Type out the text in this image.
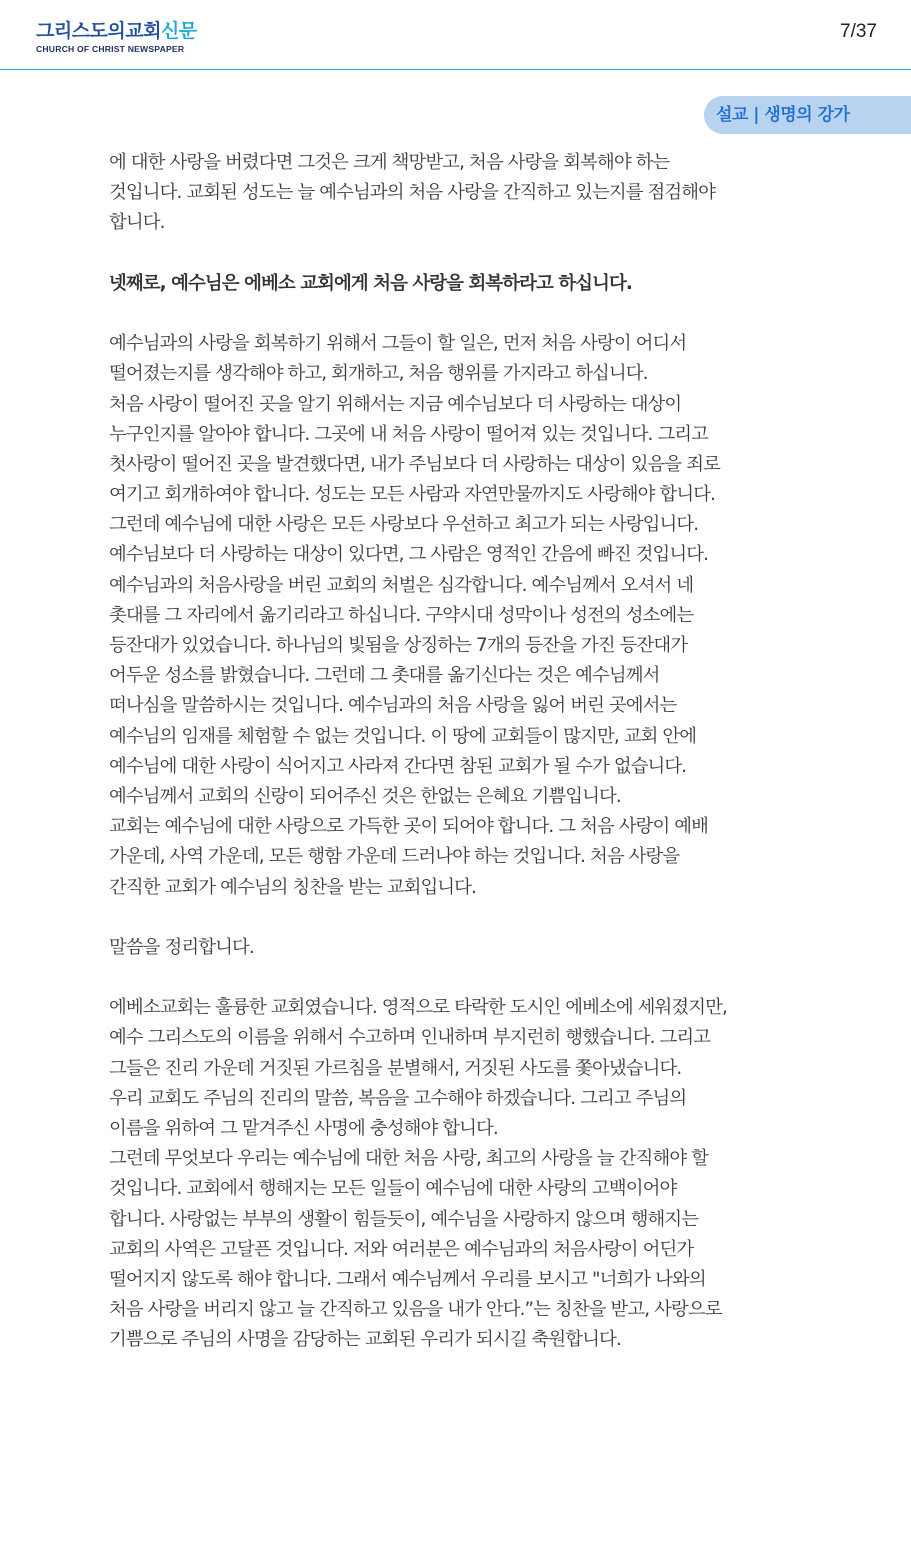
그리스도의교회신문
CHURCH OF CHRIST NEWSPAPER
7/37
설교 | 생명의 강가
에 대한 사랑을 버렸다면 그것은 크게 책망받고, 처음 사랑을 회복해야 하는
것입니다. 교회된 성도는 늘 예수님과의 처음 사랑을 간직하고 있는지를 점검해야
합니다.
넷째로, 예수님은 에베소 교회에게 처음 사랑을 회복하라고 하십니다.
예수님과의 사랑을 회복하기 위해서 그들이 할 일은, 먼저 처음 사랑이 어디서
떨어졌는지를 생각해야 하고, 회개하고, 처음 행위를 가지라고 하십니다.
처음 사랑이 떨어진 곳을 알기 위해서는 지금 예수님보다 더 사랑하는 대상이
누구인지를 알아야 합니다. 그곳에 내 처음 사랑이 떨어져 있는 것입니다. 그리고
첫사랑이 떨어진 곳을 발견했다면, 내가 주님보다 더 사랑하는 대상이 있음을 죄로
여기고 회개하여야 합니다. 성도는 모든 사람과 자연만물까지도 사랑해야 합니다.
그런데 예수님에 대한 사랑은 모든 사랑보다 우선하고 최고가 되는 사랑입니다.
예수님보다 더 사랑하는 대상이 있다면, 그 사람은 영적인 간음에 빠진 것입니다.
예수님과의 처음사랑을 버린 교회의 처벌은 심각합니다. 예수님께서 오셔서 네
촛대를 그 자리에서 옮기리라고 하십니다. 구약시대 성막이나 성전의 성소에는
등잔대가 있었습니다. 하나님의 빛됨을 상징하는 7개의 등잔을 가진 등잔대가
어두운 성소를 밝혔습니다. 그런데 그 촛대를 옮기신다는 것은 예수님께서
떠나심을 말씀하시는 것입니다. 예수님과의 처음 사랑을 잃어 버린 곳에서는
예수님의 임재를 체험할 수 없는 것입니다. 이 땅에 교회들이 많지만, 교회 안에
예수님에 대한 사랑이 식어지고 사라져 간다면 참된 교회가 될 수가 없습니다.
예수님께서 교회의 신랑이 되어주신 것은 한없는 은혜요 기쁨입니다.
교회는 예수님에 대한 사랑으로 가득한 곳이 되어야 합니다. 그 처음 사랑이 예배
가운데, 사역 가운데, 모든 행함 가운데 드러나야 하는 것입니다. 처음 사랑을
간직한 교회가 예수님의 칭찬을 받는 교회입니다.
말씀을 정리합니다.
에베소교회는 훌륭한 교회였습니다. 영적으로 타락한 도시인 에베소에 세워졌지만,
예수 그리스도의 이름을 위해서 수고하며 인내하며 부지런히 행했습니다. 그리고
그들은 진리 가운데 거짓된 가르침을 분별해서, 거짓된 사도를 쫓아냈습니다.
우리 교회도 주님의 진리의 말씀, 복음을 고수해야 하겠습니다. 그리고 주님의
이름을 위하여 그 맡겨주신 사명에 충성해야 합니다.
그런데 무엇보다 우리는 예수님에 대한 처음 사랑, 최고의 사랑을 늘 간직해야 할
것입니다. 교회에서 행해지는 모든 일들이 예수님에 대한 사랑의 고백이어야
합니다. 사랑없는 부부의 생활이 힘들듯이, 예수님을 사랑하지 않으며 행해지는
교회의 사역은 고달픈 것입니다. 저와 여러분은 예수님과의 처음사랑이 어딘가
떨어지지 않도록 해야 합니다. 그래서 예수님께서 우리를 보시고 "너희가 나와의
처음 사랑을 버리지 않고 늘 간직하고 있음을 내가 안다.”는 칭찬을 받고, 사랑으로
기쁨으로 주님의 사명을 감당하는 교회된 우리가 되시길 축원합니다.
